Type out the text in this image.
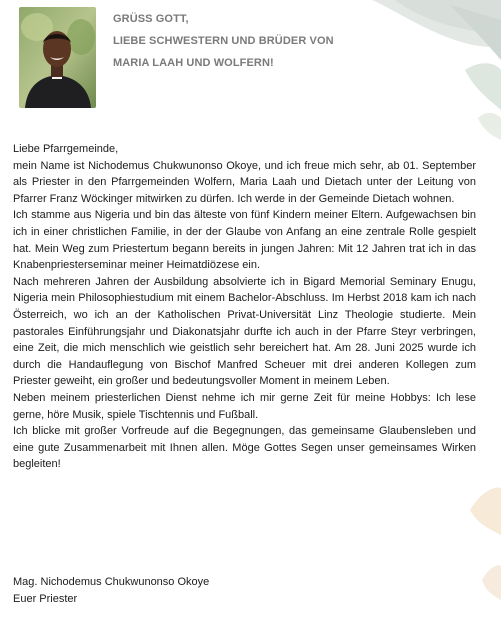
GRÜSS GOTT,
LIEBE SCHWESTERN UND BRÜDER VON
MARIA LAAH UND WOLFERN!

Liebe Pfarrgemeinde,

mein Name ist Nichodemus Chukwunonso Okoye, und ich freue mich sehr, ab 01. September als Priester in den Pfarrgemeinden Wolfern, Maria Laah und Dietach unter der Leitung von Pfarrer Franz Wöckinger mitwirken zu dürfen. Ich werde in der Gemeinde Dietach wohnen.

Ich stamme aus Nigeria und bin das älteste von fünf Kindern meiner Eltern. Aufgewachsen bin ich in einer christlichen Familie, in der der Glaube von Anfang an eine zentrale Rolle gespielt hat. Mein Weg zum Priestertum begann bereits in jungen Jahren: Mit 12 Jahren trat ich in das Knabenpriesterseminar meiner Heimatdiözese ein.

Nach mehreren Jahren der Ausbildung absolvierte ich in Bigard Memorial Seminary Enugu, Nigeria mein Philosophiestudium mit einem Bachelor-Abschluss. Im Herbst 2018 kam ich nach Österreich, wo ich an der Katholischen Privat-Universität Linz Theologie studierte. Mein pastorales Einführungsjahr und Diakonatsjahr durfte ich auch in der Pfarre Steyr verbringen, eine Zeit, die mich menschlich wie geistlich sehr bereichert hat. Am 28. Juni 2025 wurde ich durch die Handauflegung von Bischof Manfred Scheuer mit drei anderen Kollegen zum Priester geweiht, ein großer und bedeutungsvoller Moment in meinem Leben.

Neben meinem priesterlichen Dienst nehme ich mir gerne Zeit für meine Hobbys: Ich lese gerne, höre Musik, spiele Tischtennis und Fußball.

Ich blicke mit großer Vorfreude auf die Begegnungen, das gemeinsame Glaubensleben und eine gute Zusammenarbeit mit Ihnen allen. Möge Gottes Segen unser gemeinsames Wirken begleiten!

Mag. Nichodemus Chukwunonso Okoye
Euer Priester
